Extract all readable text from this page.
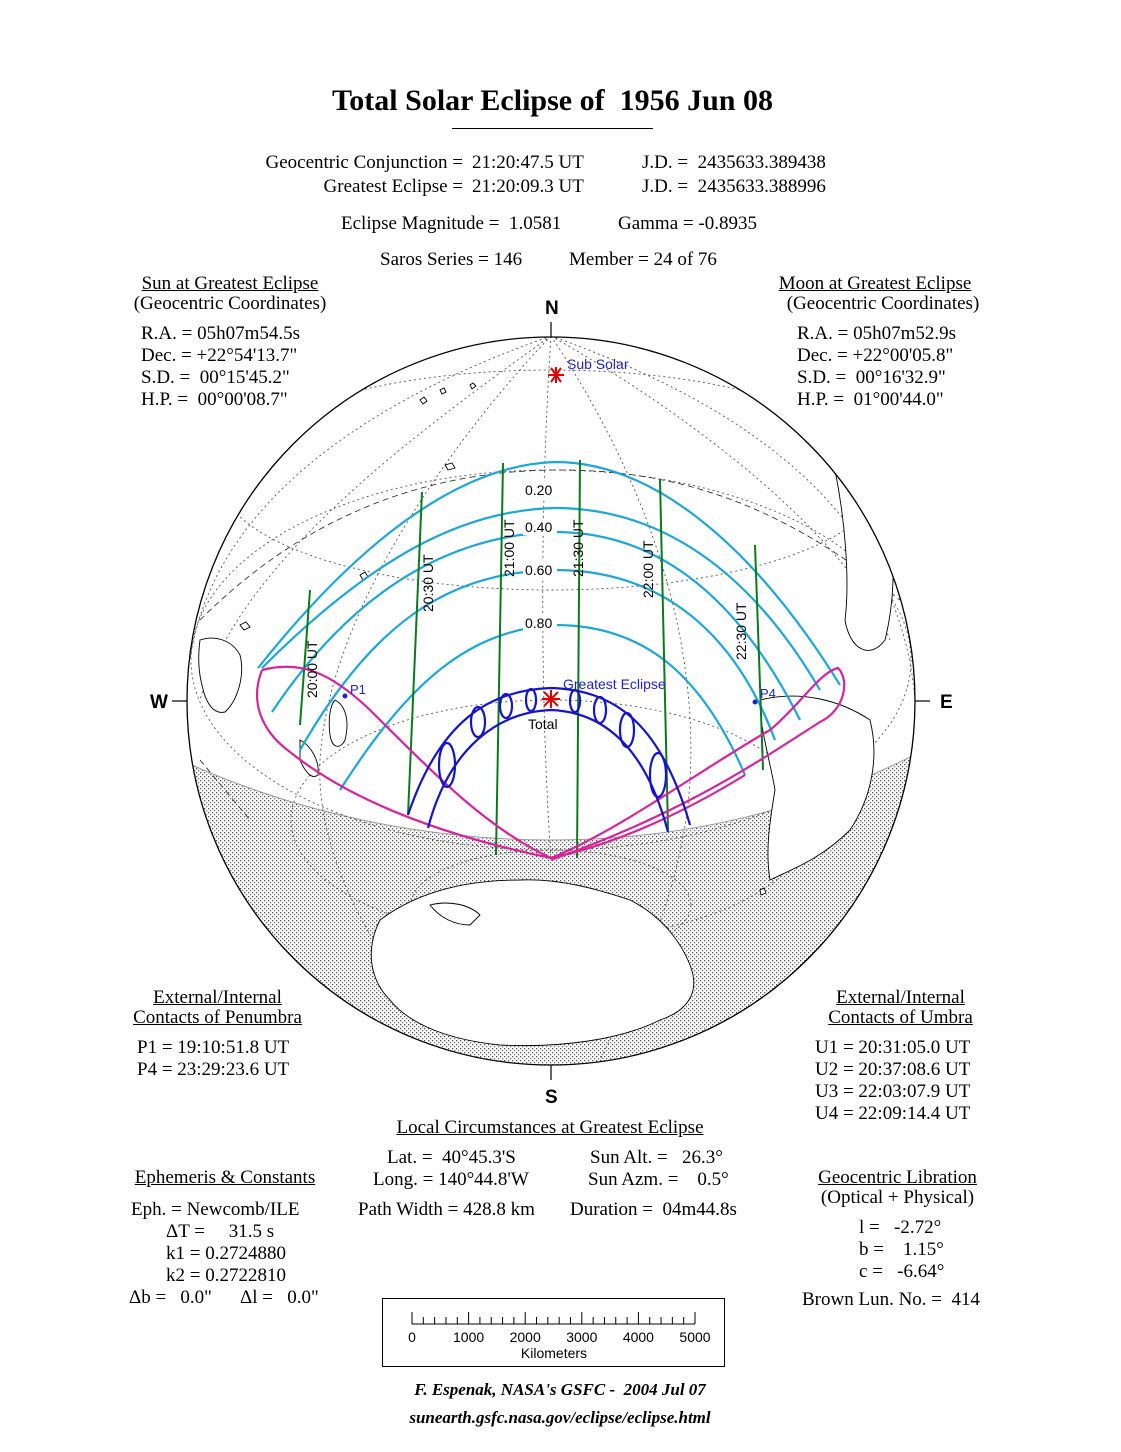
Total Solar Eclipse of  1956 Jun 08
Geocentric Conjunction = 21:20:47.5 UT	J.D. =  2435633.389438
Greatest Eclipse = 21:20:09.3 UT	J.D. =  2435633.388996
Eclipse Magnitude =  1.0581	Gamma = -0.8935
Saros Series = 146 Member = 24 of 76
Sun at Greatest Eclipse
(Geocentric Coordinates)
R.A. = 05h07m54.5s
Dec. = +22°54'13.7"
S.D. =  00°15'45.2"
H.P. =  00°00'08.7"
Moon at Greatest Eclipse
(Geocentric Coordinates)
R.A. = 05h07m52.9s
Dec. = +22°00'05.8"
S.D. =  00°16'32.9"
H.P. =  01°00'44.0"
N
S
W	E
Sub Solar
Greatest Eclipse
Total
P1	P4
0.20
0.40
0.60
0.80
20:00 UT
20:30 UT
21:00 UT	21:30 UT	22:00 UT
22:30 UT
External/Internal
Contacts of Penumbra
P1 = 19:10:51.8 UT
P4 = 23:29:23.6 UT
External/Internal
Contacts of Umbra
U1 = 20:31:05.0 UT
U2 = 20:37:08.6 UT
U3 = 22:03:07.9 UT
U4 = 22:09:14.4 UT
Local Circumstances at Greatest Eclipse
Lat. =  40°45.3'S
Long. = 140°44.8'W
Sun Alt. =   26.3°
Sun Azm. =    0.5°
Path Width = 428.8 km Duration =  04m44.8s
Ephemeris & Constants
Eph. = Newcomb/ILE
ΔT =     31.5 s
k1 = 0.2724880
k2 = 0.2722810
Δb =   0.0" Δl =   0.0"
Geocentric Libration
(Optical + Physical)
l =   -2.72°
b =    1.15°
c =   -6.64°
Brown Lun. No. =  414
0	1000 2000 3000 4000 5000
Kilometers
F. Espenak, NASA's GSFC -  2004 Jul 07
sunearth.gsfc.nasa.gov/eclipse/eclipse.html
